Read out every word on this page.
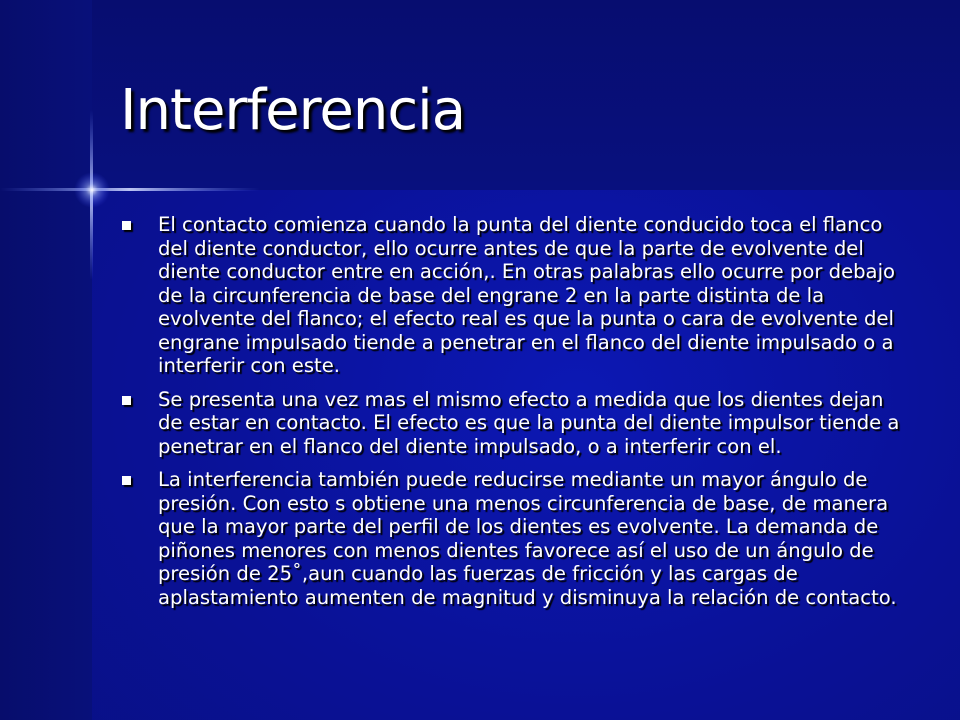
Interferencia
El contacto comienza cuando la punta del diente conducido toca el flanco del diente conductor, ello ocurre antes de que la parte de evolvente del diente conductor entre en acción,. En otras palabras ello ocurre por debajo de la circunferencia de base del engrane 2 en la parte distinta de la evolvente del flanco; el efecto real es que la punta o cara de evolvente del engrane impulsado tiende a penetrar en el flanco del diente impulsado o a interferir con este.
Se presenta una vez mas el mismo efecto a medida que los dientes dejan de estar en contacto. El efecto es que la punta del diente impulsor tiende a penetrar en el flanco del diente impulsado, o a interferir con el.
La interferencia también puede reducirse mediante un mayor ángulo de presión. Con esto s obtiene una menos circunferencia de base, de manera que la mayor parte del perfil de los dientes es evolvente. La demanda de piñones menores con menos dientes favorece así el uso de un ángulo de presión de 25˚,aun cuando las fuerzas de fricción y las cargas de aplastamiento aumenten de magnitud y disminuya la relación de contacto.
